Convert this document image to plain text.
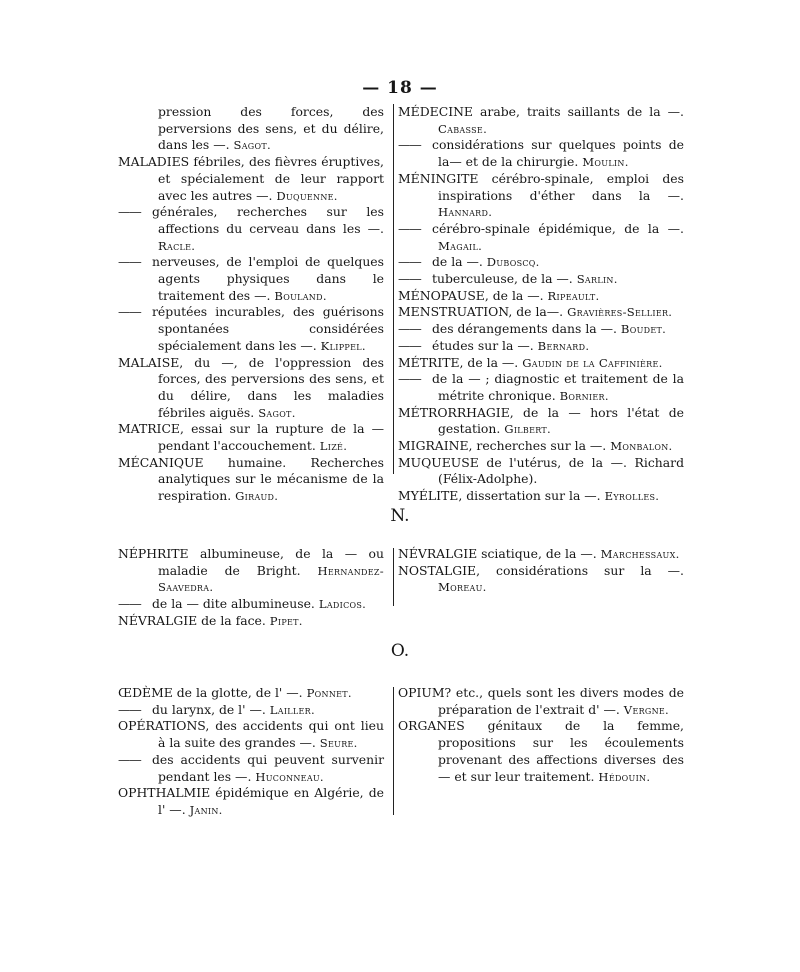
— 18 —

pression des forces, des perversions des sens, et du délire, dans les —. Sagot.

MALADIES fébriles, des fièvres éruptives, et spécialement de leur rapport avec les autres —. Duquenne.

—— générales, recherches sur les affections du cerveau dans les —. Racle.

—— nerveuses, de l'emploi de quelques agents physiques dans le traitement des —. Bouland.

—— réputées incurables, des guérisons spontanées considérées spécialement dans les —. Klippel.

MALAISE, du —, de l'oppression des forces, des perversions des sens, et du délire, dans les maladies fébriles aiguës. Sagot.

MATRICE, essai sur la rupture de la — pendant l'accouchement. Lizé.

MÉCANIQUE humaine. Recherches analytiques sur le mécanisme de la respiration. Giraud.

MÉDECINE arabe, traits saillants de la —. Cabasse.

—— considérations sur quelques points de la— et de la chirurgie. Moulin.

MÉNINGITE cérébro-spinale, emploi des inspirations d'éther dans la —. Hannard.

—— cérébro-spinale épidémique, de la —. Magail.

—— de la —. Duboscq.

—— tuberculeuse, de la —. Sarlin.

MÉNOPAUSE, de la —. Ripeault.

MENSTRUATION, de la—. Gravières-Sellier.

—— des dérangements dans la —. Boudet.

—— études sur la —. Bernard.

MÉTRITE, de la —. Gaudin de la Caffinière.

—— de la — ; diagnostic et traitement de la métrite chronique. Bornier.

MÉTRORRHAGIE, de la — hors l'état de gestation. Gilbert.

MIGRAINE, recherches sur la —. Monbalon.

MUQUEUSE de l'utérus, de la —. Richard (Félix-Adolphe).

MYÉLITE, dissertation sur la —. Eyrolles.

N.

NÉPHRITE albumineuse, de la — ou maladie de Bright. Hernandez-Saavedra.

—— de la — dite albumineuse. Ladicos.

NÉVRALGIE de la face. Pipet.

NÉVRALGIE sciatique, de la —. Marchessaux.

NOSTALGIE, considérations sur la —. Moreau.

O.

ŒDÈME de la glotte, de l' —. Ponnet.

—— du larynx, de l' —. Lailler.

OPÉRATIONS, des accidents qui ont lieu à la suite des grandes —. Seure.

—— des accidents qui peuvent survenir pendant les —. Huconneau.

OPHTHALMIE épidémique en Algérie, de l' —. Janin.

OPIUM? etc., quels sont les divers modes de préparation de l'extrait d' —. Vergne.

ORGANES génitaux de la femme, propositions sur les écoulements provenant des affections diverses des — et sur leur traitement. Hédouin.
